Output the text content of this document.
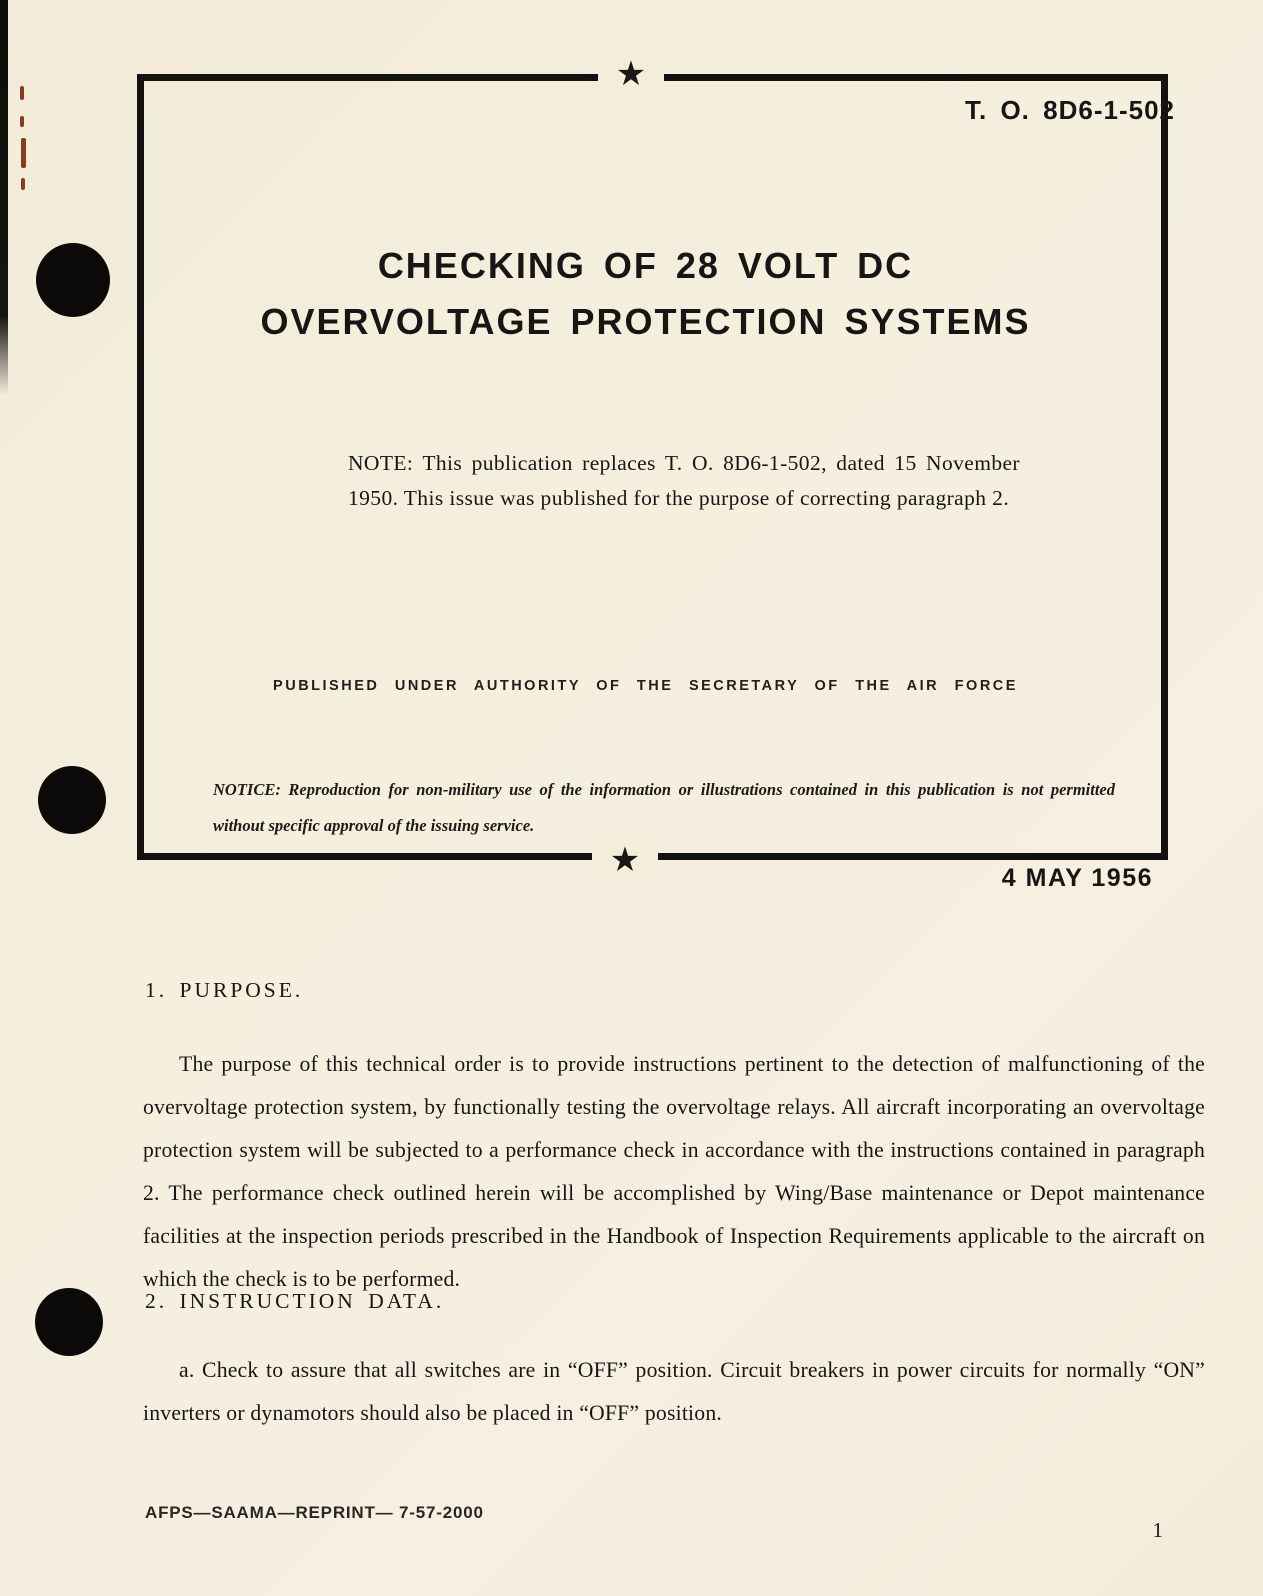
★
★
T. O. 8D6-1-502
CHECKING OF 28 VOLT DC
OVERVOLTAGE PROTECTION SYSTEMS
NOTE: This publication replaces T. O. 8D6-1-502, dated 15 November 1950. This issue was published for the purpose of correcting paragraph 2.
PUBLISHED UNDER AUTHORITY OF THE SECRETARY OF THE AIR FORCE
NOTICE: Reproduction for non-military use of the information or illustrations contained in this publication is not permitted without specific approval of the issuing service.
4 MAY 1956
1. PURPOSE.
The purpose of this technical order is to provide instructions pertinent to the detection of malfunctioning of the overvoltage protection system, by functionally testing the overvoltage relays. All aircraft incorporating an overvoltage protection system will be subjected to a performance check in accordance with the instructions contained in paragraph 2. The performance check outlined herein will be accomplished by Wing/Base maintenance or Depot maintenance facilities at the inspection periods prescribed in the Handbook of Inspection Requirements applicable to the aircraft on which the check is to be performed.
2. INSTRUCTION DATA.
a. Check to assure that all switches are in “OFF” position. Circuit breakers in power circuits for normally “ON” inverters or dynamotors should also be placed in “OFF” position.
AFPS—SAAMA—REPRINT— 7-57-2000
1
